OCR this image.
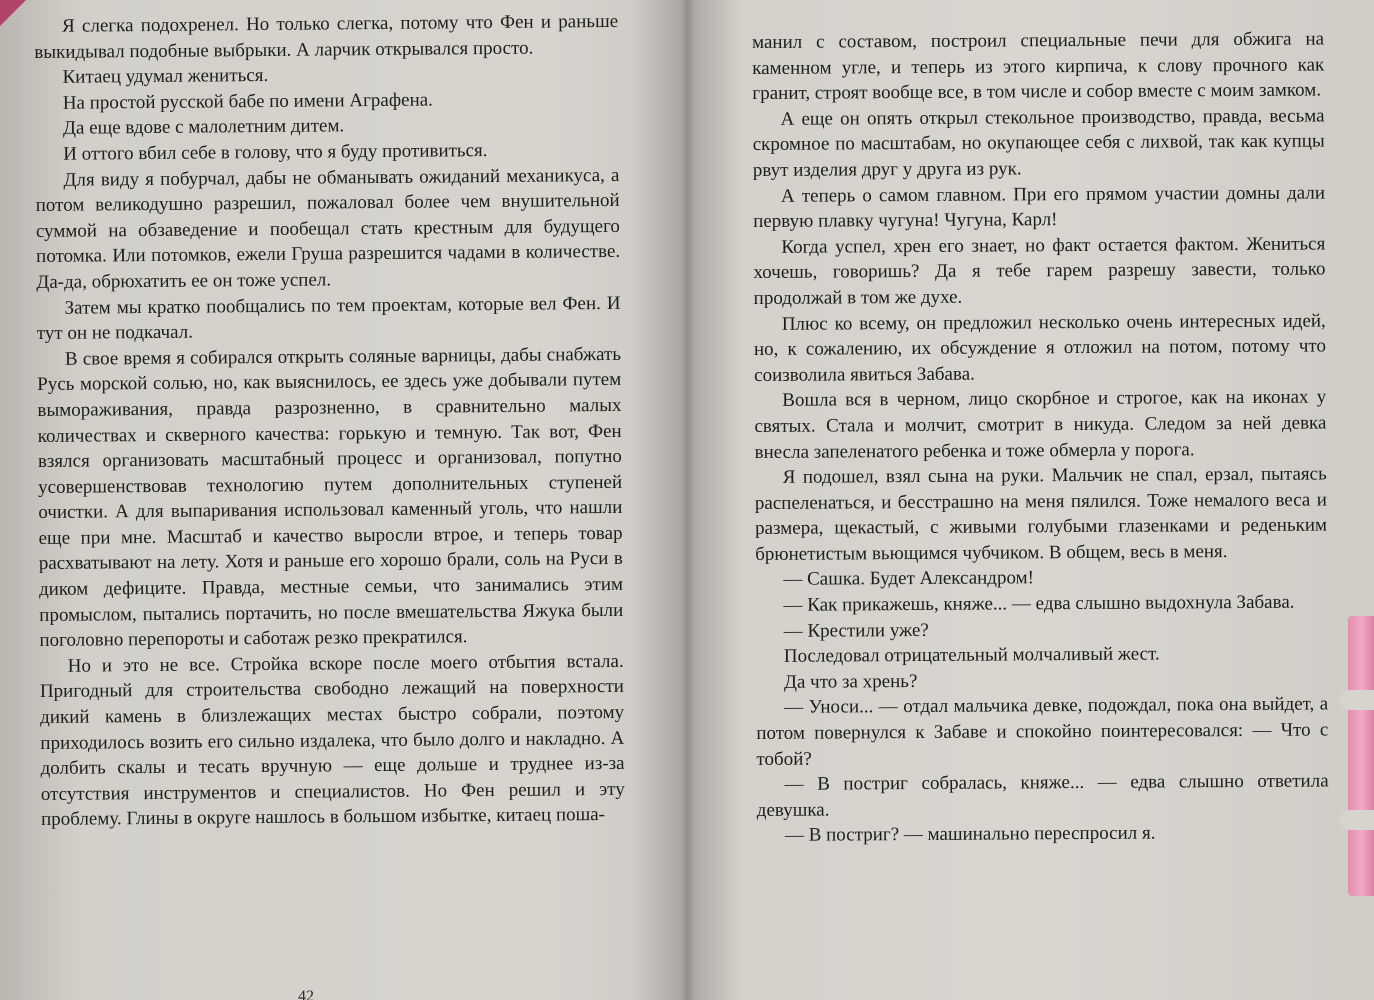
Я слегка подохренел. Но только слегка, потому что Фен и раньше выкидывал подобные выбрыки. А ларчик открывался просто.

Китаец удумал жениться.

На простой русской бабе по имени Аграфена.

Да еще вдове с малолетним дитем.

И оттого вбил себе в голову, что я буду противиться.

Для виду я побурчал, дабы не обманывать ожиданий механикуса, а потом великодушно разрешил, пожаловал более чем внушительной суммой на обзаведение и пообещал стать крестным для будущего потомка. Или потомков, ежели Груша разрешится чадами в количестве. Да-да, обрюхатить ее он тоже успел.

Затем мы кратко пообщались по тем проектам, которые вел Фен. И тут он не подкачал.

В свое время я собирался открыть соляные варницы, дабы снабжать Русь морской солью, но, как выяснилось, ее здесь уже добывали путем вымораживания, правда разрозненно, в сравнительно малых количествах и скверного качества: горькую и темную. Так вот, Фен взялся организовать масштабный процесс и организовал, попутно усовершенствовав технологию путем дополнительных ступеней очистки. А для выпаривания использовал каменный уголь, что нашли еще при мне. Масштаб и качество выросли втрое, и теперь товар расхватывают на лету. Хотя и раньше его хорошо брали, соль на Руси в диком дефиците. Правда, местные семьи, что занимались этим промыслом, пытались портачить, но после вмешательства Яжука были поголовно перепороты и саботаж резко прекратился.

Но и это не все. Стройка вскоре после моего отбытия встала. Пригодный для строительства свободно лежащий на поверхности дикий камень в близлежащих местах быстро собрали, поэтому приходилось возить его сильно издалека, что было долго и накладно. А долбить скалы и тесать вручную — еще дольше и труднее из-за отсутствия инструментов и специалистов. Но Фен решил и эту проблему. Глины в округе нашлось в большом избытке, китаец поша-

42

манил с составом, построил специальные печи для обжига на каменном угле, и теперь из этого кирпича, к слову прочного как гранит, строят вообще все, в том числе и собор вместе с моим замком.

А еще он опять открыл стекольное производство, правда, весьма скромное по масштабам, но окупающее себя с лихвой, так как купцы рвут изделия друг у друга из рук.

А теперь о самом главном. При его прямом участии домны дали первую плавку чугуна! Чугуна, Карл!

Когда успел, хрен его знает, но факт остается фактом. Жениться хочешь, говоришь? Да я тебе гарем разрешу завести, только продолжай в том же духе.

Плюс ко всему, он предложил несколько очень интересных идей, но, к сожалению, их обсуждение я отложил на потом, потому что соизволила явиться Забава.

Вошла вся в черном, лицо скорбное и строгое, как на иконах у святых. Стала и молчит, смотрит в никуда. Следом за ней девка внесла запеленатого ребенка и тоже обмерла у порога.

Я подошел, взял сына на руки. Мальчик не спал, ерзал, пытаясь распеленаться, и бесстрашно на меня пялился. Тоже немалого веса и размера, щекастый, с живыми голубыми глазенками и реденьким брюнетистым вьющимся чубчиком. В общем, весь в меня.

— Сашка. Будет Александром!

— Как прикажешь, княже... — едва слышно выдохнула Забава.

— Крестили уже?

Последовал отрицательный молчаливый жест.

Да что за хрень?

— Уноси... — отдал мальчика девке, подождал, пока она выйдет, а потом повернулся к Забаве и спокойно поинтересовался: — Что с тобой?

— В постриг собралась, княже... — едва слышно ответила девушка.

— В постриг? — машинально переспросил я.
